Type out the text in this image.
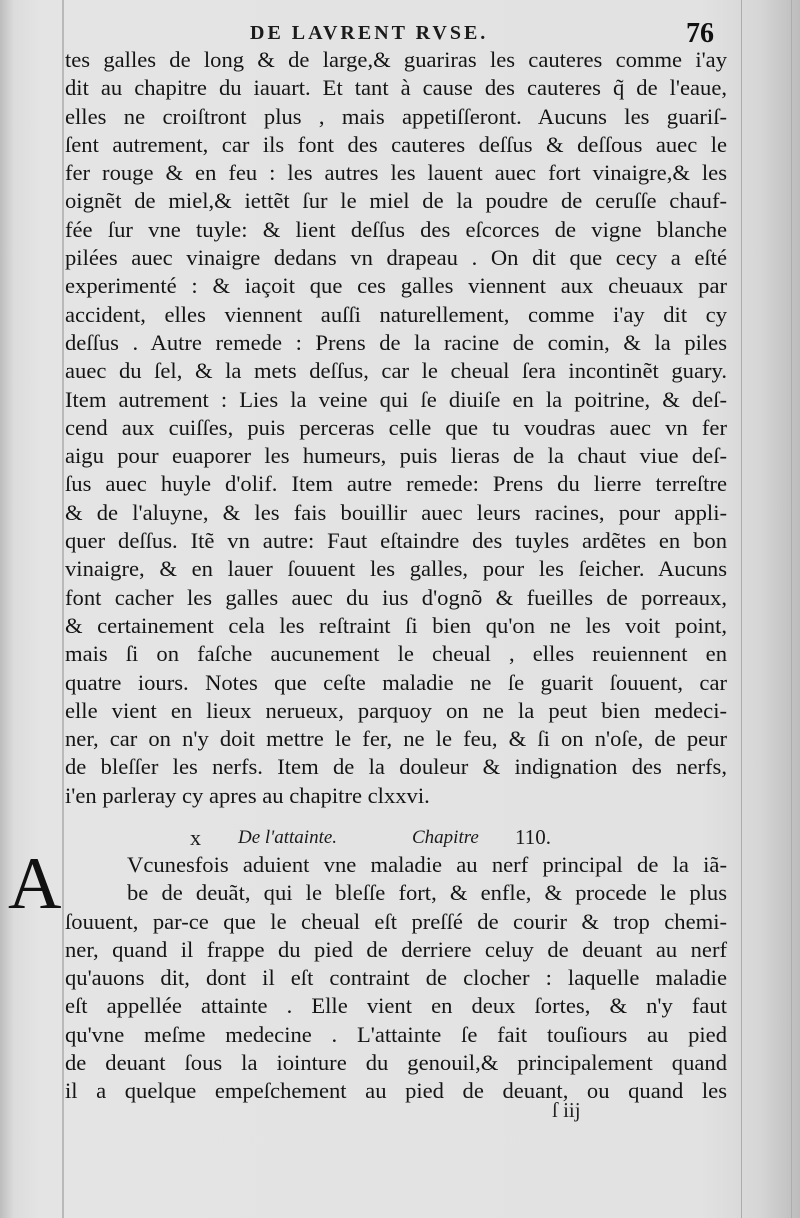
DE LAVRENT RVSE.	76
tes galles de long & de large,& guariras les cauteres comme i'ay
dit au chapitre du iauart. Et tant à cause des cauteres q̃ de l'eaue,
elles ne croiſtront plus , mais appetiſſeront. Aucuns les guariſ-
ſent autrement, car ils font des cauteres deſſus & deſſous auec le
fer rouge & en feu : les autres les lauent auec fort vinaigre,& les
oignẽt de miel,& iettẽt ſur le miel de la poudre de ceruſſe chauf-
fée ſur vne tuyle: & lient deſſus des eſcorces de vigne blanche
pilées auec vinaigre dedans vn drapeau . On dit que cecy a eſté
experimenté : & iaçoit que ces galles viennent aux cheuaux par
accident, elles viennent auſſi naturellement, comme i'ay dit cy
deſſus . Autre remede : Prens de la racine de comin, & la piles
auec du ſel, & la mets deſſus, car le cheual ſera incontinẽt guary.
Item autrement : Lies la veine qui ſe diuiſe en la poitrine, & deſ-
cend aux cuiſſes, puis perceras celle que tu voudras auec vn fer
aigu pour euaporer les humeurs, puis lieras de la chaut viue deſ-
ſus auec huyle d'olif. Item autre remede: Prens du lierre terreſtre
& de l'aluyne, & les fais bouillir auec leurs racines, pour appli-
quer deſſus. Itẽ vn autre: Faut eſtaindre des tuyles ardẽtes en bon
vinaigre, & en lauer ſouuent les galles, pour les ſeicher. Aucuns
font cacher les galles auec du ius d'ognõ & fueilles de porreaux,
& certainement cela les reſtraint ſi bien qu'on ne les voit point,
mais ſi on faſche aucunement le cheual , elles reuiennent en
quatre iours. Notes que ceſte maladie ne ſe guarit ſouuent, car
elle vient en lieux nerueux, parquoy on ne la peut bien medeci-
ner, car on n'y doit mettre le fer, ne le feu, & ſi on n'oſe, de peur
de bleſſer les nerfs. Item de la douleur & indignation des nerfs,
i'en parleray cy apres au chapitre clxxvi.
x De l'attainte.	Chapitre 110.
A	Vcunesfois aduient vne maladie au nerf principal de la iã-
be de deuãt, qui le bleſſe fort, & enfle, & procede le plus
ſouuent, par-ce que le cheual eſt preſſé de courir & trop chemi-
ner, quand il frappe du pied de derriere celuy de deuant au nerf
qu'auons dit, dont il eſt contraint de clocher : laquelle maladie
eſt appellée attainte . Elle vient en deux ſortes, & n'y faut
qu'vne meſme medecine . L'attainte ſe fait touſiours au pied
de deuant ſous la iointure du genouil,& principalement quand
il a quelque empeſchement au pied de deuant, ou quand les
ſ iij
